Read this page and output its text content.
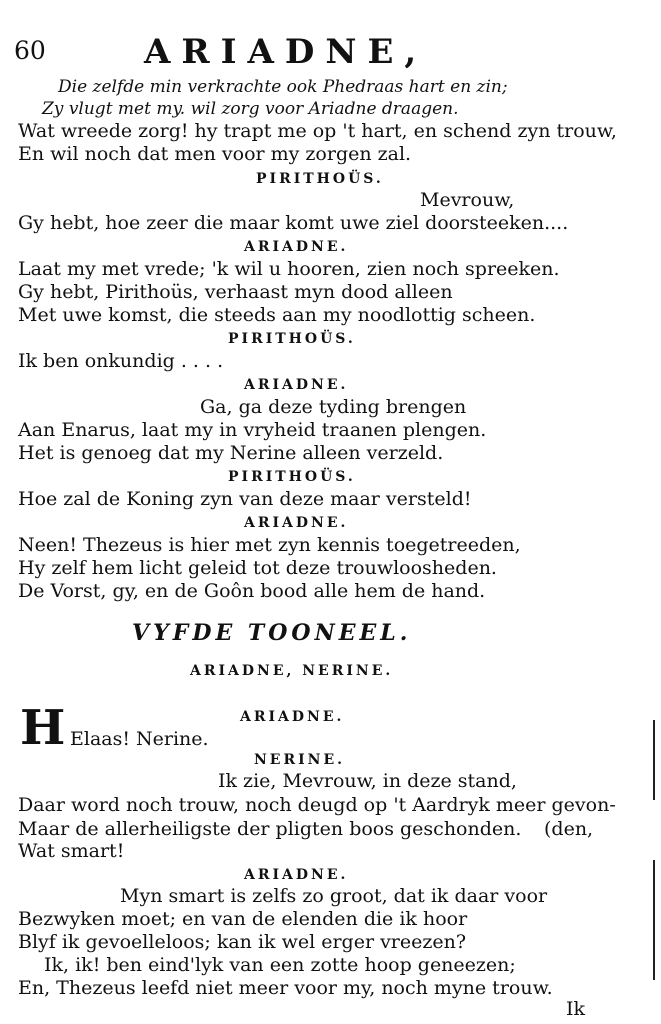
60	ARIADNE,
Die zelfde min verkrachte ook Phedraas hart en zin;
Zy vlugt met my. wil zorg voor Ariadne draagen.
Wat wreede zorg! hy trapt me op 't hart, en schend zyn trouw,
En wil noch dat men voor my zorgen zal.
PIRITHOÜS.
Mevrouw,
Gy hebt, hoe zeer die maar komt uwe ziel doorsteeken....
ARIADNE.
Laat my met vrede; 'k wil u hooren, zien noch spreeken.
Gy hebt, Pirithoüs, verhaast myn dood alleen
Met uwe komst, die steeds aan my noodlottig scheen.
PIRITHOÜS.
Ik ben onkundig . . . .
ARIADNE.
Ga, ga deze tyding brengen
Aan Enarus, laat my in vryheid traanen plengen.
Het is genoeg dat my Nerine alleen verzeld.
PIRITHOÜS.
Hoe zal de Koning zyn van deze maar versteld!
ARIADNE.
Neen! Thezeus is hier met zyn kennis toegetreeden,
Hy zelf hem licht geleid tot deze trouwloosheden.
De Vorst, gy, en de Goôn bood alle hem de hand.
VYFDE TOONEEL.
ARIADNE, NERINE.
ARIADNE.
Elaas! Nerine.
NERINE.
Ik zie, Mevrouw, in deze stand,
Daar word noch trouw, noch deugd op 't Aardryk meer gevon-
Maar de allerheiligste der pligten boos geschonden. (den,
Wat smart!
ARIADNE.
Myn smart is zelfs zo groot, dat ik daar voor
Bezwyken moet; en van de elenden die ik hoor
Blyf ik gevoelleloos; kan ik wel erger vreezen?
Ik, ik! ben eind'lyk van een zotte hoop geneezen;
En, Thezeus leefd niet meer voor my, noch myne trouw.
Ik
H
